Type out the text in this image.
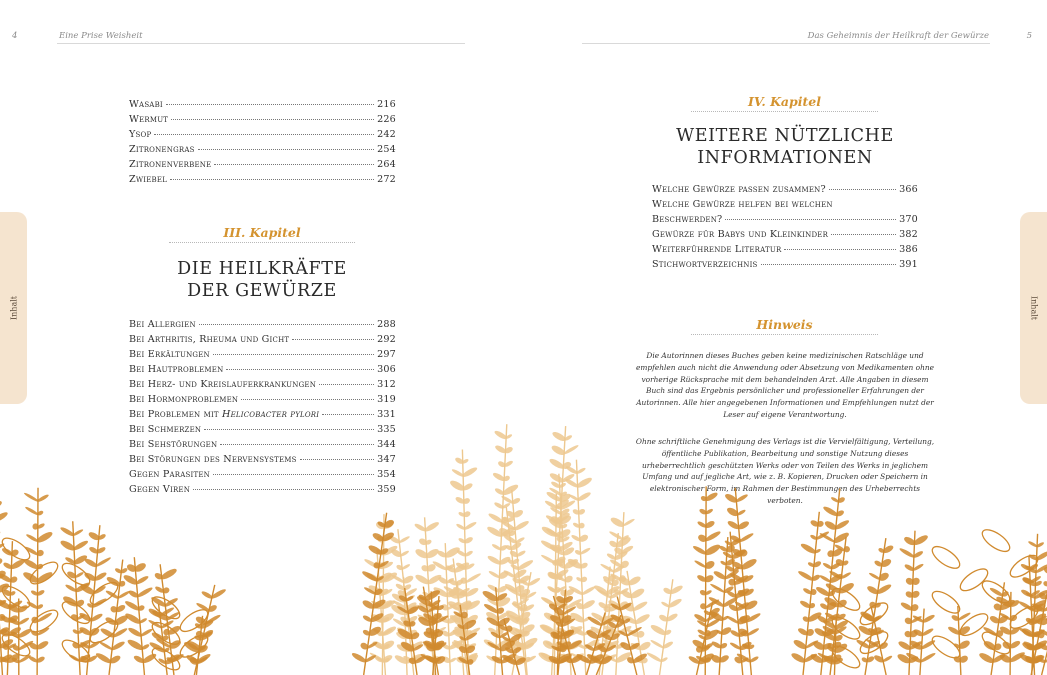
4	Eine Prise Weisheit
Inhalt
Wasabi	216
Wermut	226
Ysop	242
Zitronengras	254
Zitronenverbene	264
Zwiebel	272
III. Kapitel
DIE HEILKRÄFTE
DER GEWÜRZE
Bei Allergien	288
Bei Arthritis, Rheuma und Gicht	292
Bei Erkältungen	297
Bei Hautproblemen	306
Bei Herz- und Kreislauferkrankungen	312
Bei Hormonproblemen	319
Bei Problemen mit Helicobacter pylori	331
Bei Schmerzen	335
Bei Sehstörungen	344
Bei Störungen des Nervensystems	347
Gegen Parasiten	354
Gegen Viren	359
Das Geheimnis der Heilkraft der Gewürze	5
Inhalt
IV. Kapitel
WEITERE NÜTZLICHE
INFORMATIONEN
Welche Gewürze passen zusammen?	366
Welche Gewürze helfen bei welchen
Beschwerden?	370
Gewürze für Babys und Kleinkinder	382
Weiterführende Literatur	386
Stichwortverzeichnis	391
Hinweis
Die Autorinnen dieses Buches geben keine medizinischen Ratschläge und empfehlen auch nicht die Anwendung oder Absetzung von Medikamenten ohne vorherige Rücksprache mit dem behandelnden Arzt. Alle Angaben in diesem Buch sind das Ergebnis persönlicher und professioneller Erfahrungen der Autorinnen. Alle hier angegebenen Informationen und Empfehlungen nutzt der Leser auf eigene Verantwortung.
Ohne schriftliche Genehmigung des Verlags ist die Vervielfältigung, Verteilung, öffentliche Publikation, Bearbeitung und sonstige Nutzung dieses urheberrechtlich geschützten Werks oder von Teilen des Werks in jeglichem Umfang und auf jegliche Art, wie z. B. Kopieren, Drucken oder Speichern in elektronischer Form, im Rahmen der Bestimmungen des Urheberrechts verboten.
